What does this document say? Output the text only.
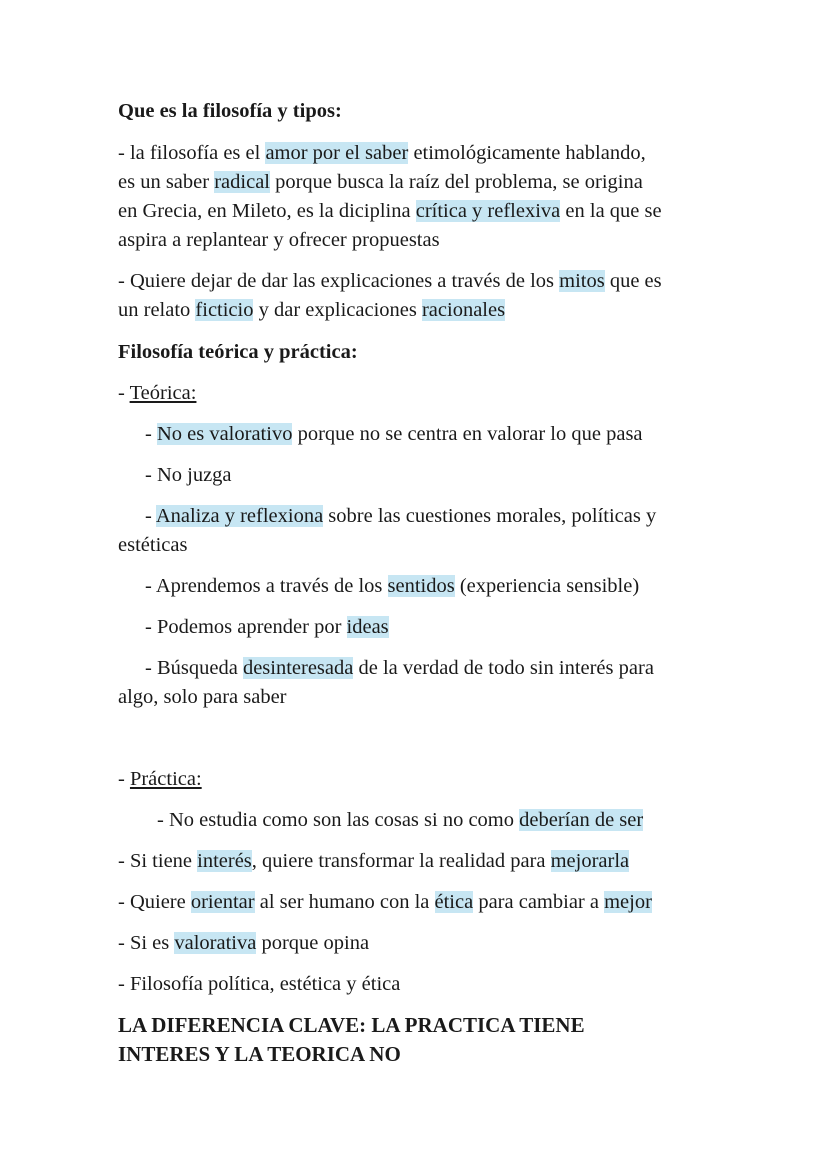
Que es la filosofía y tipos:
- la filosofía es el amor por el saber etimológicamente hablando,
es un saber radical porque busca la raíz del problema, se origina
en Grecia, en Mileto, es la diciplina crítica y reflexiva en la que se
aspira a replantear y ofrecer propuestas
- Quiere dejar de dar las explicaciones a través de los mitos que es
un relato ficticio y dar explicaciones racionales
Filosofía teórica y práctica:
- Teórica:
- No es valorativo porque no se centra en valorar lo que pasa
- No juzga
- Analiza y reflexiona sobre las cuestiones morales, políticas y
estéticas
- Aprendemos a través de los sentidos (experiencia sensible)
- Podemos aprender por ideas
- Búsqueda desinteresada de la verdad de todo sin interés para
algo, solo para saber
- Práctica:
- No estudia como son las cosas si no como deberían de ser
- Si tiene interés, quiere transformar la realidad para mejorarla
- Quiere orientar al ser humano con la ética para cambiar a mejor
- Si es valorativa porque opina
- Filosofía política, estética y ética
LA DIFERENCIA CLAVE: LA PRACTICA TIENE
INTERES Y LA TEORICA NO
